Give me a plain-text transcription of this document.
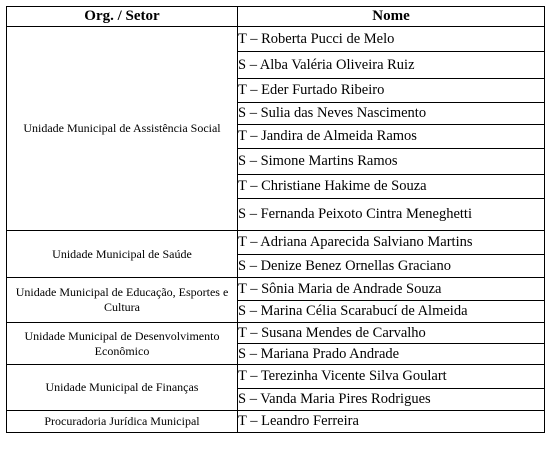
Org. / Setor	Nome
Unidade Municipal de Assistência Social	T – Roberta Pucci de Melo
	S – Alba Valéria Oliveira Ruiz
	T – Eder Furtado Ribeiro
	S – Sulia das Neves Nascimento
	T – Jandira de Almeida Ramos
	S – Simone Martins Ramos
	T – Christiane Hakime de Souza
	S – Fernanda Peixoto Cintra Meneghetti
Unidade Municipal de Saúde	T – Adriana Aparecida Salviano Martins
	S – Denize Benez Ornellas Graciano
Unidade Municipal de Educação, Esportes e Cultura	T – Sônia Maria de Andrade Souza
	S – Marina Célia Scarabucí de Almeida
Unidade Municipal de Desenvolvimento Econômico	T – Susana Mendes de Carvalho
	S – Mariana Prado Andrade
Unidade Municipal de Finanças	T – Terezinha Vicente Silva Goulart
	S – Vanda Maria Pires Rodrigues
Procuradoria Jurídica Municipal	T – Leandro Ferreira
